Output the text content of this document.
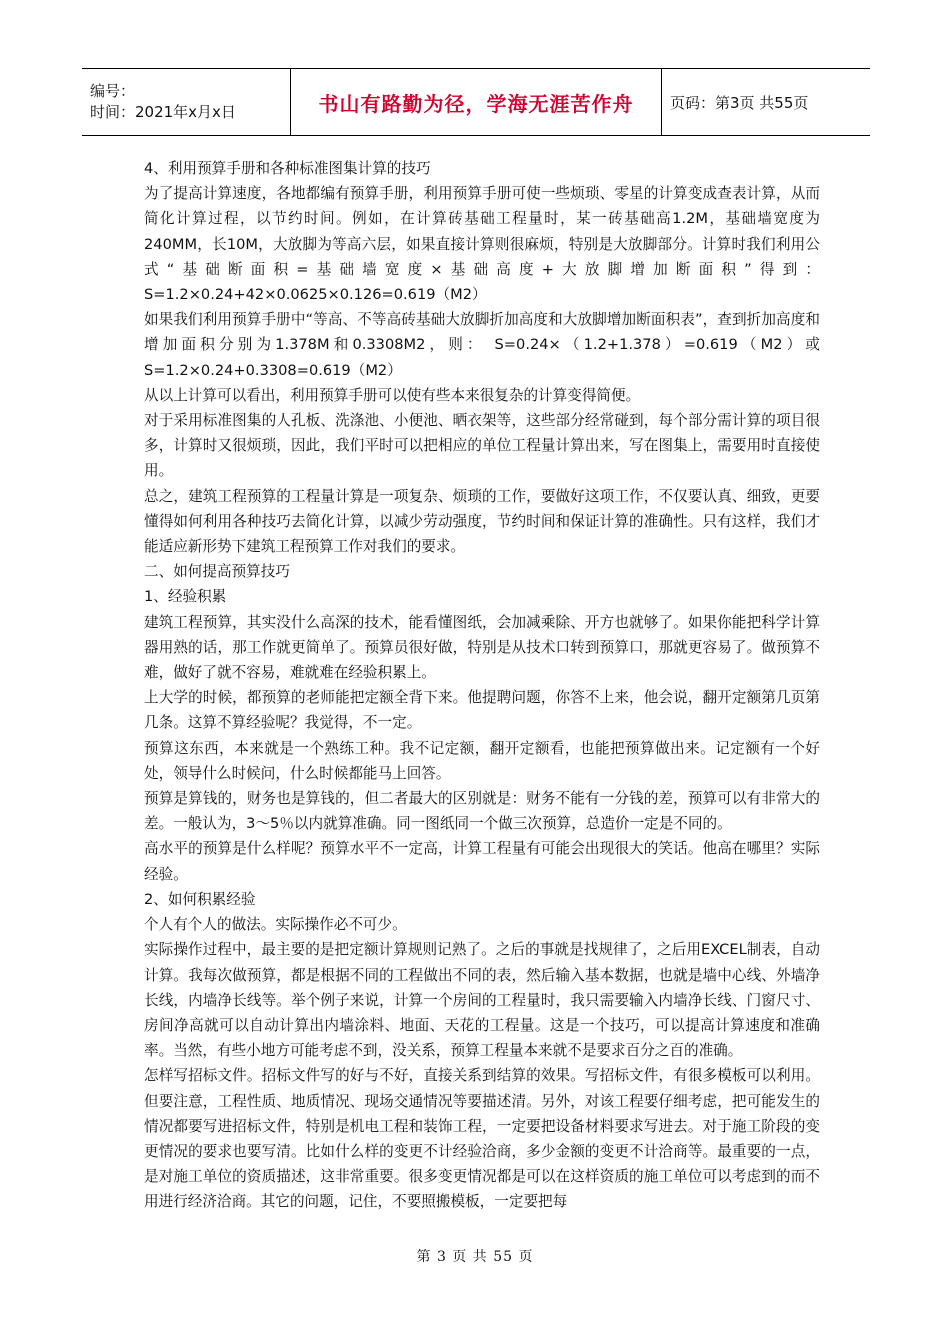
编号：
时间：2021年x月x日	书山有路勤为径，学海无涯苦作舟	页码：第3页 共55页

4、利用预算手册和各种标准图集计算的技巧

为了提高计算速度，各地都编有预算手册，利用预算手册可使一些烦琐、零星的计算变成查表计算，从而简化计算过程，以节约时间。例如，在计算砖基础工程量时，某一砖基础高1.2M，基础墙宽度为240MM，长10M，大放脚为等高六层，如果直接计算则很麻烦，特别是大放脚部分。计算时我们利用公式“基础断面积=基础墙宽度×基础高度+大放脚增加断面积”得到：S=1.2×0.24+42×0.0625×0.126=0.619（M2）

如果我们利用预算手册中“等高、不等高砖基础大放脚折加高度和大放脚增加断面积表”，查到折加高度和增加面积分别为1.378M和0.3308M2，则： S=0.24×（1.2+1.378）=0.619（M2）或S=1.2×0.24+0.3308=0.619（M2）

从以上计算可以看出，利用预算手册可以使有些本来很复杂的计算变得简便。

对于采用标准图集的人孔板、洗涤池、小便池、晒衣架等，这些部分经常碰到，每个部分需计算的项目很多，计算时又很烦琐，因此，我们平时可以把相应的单位工程量计算出来，写在图集上，需要用时直接使用。

总之，建筑工程预算的工程量计算是一项复杂、烦琐的工作，要做好这项工作，不仅要认真、细致，更要懂得如何利用各种技巧去简化计算，以减少劳动强度，节约时间和保证计算的准确性。只有这样，我们才能适应新形势下建筑工程预算工作对我们的要求。

二、如何提高预算技巧

1、经验积累

建筑工程预算，其实没什么高深的技术，能看懂图纸，会加减乘除、开方也就够了。如果你能把科学计算器用熟的话，那工作就更简单了。预算员很好做，特别是从技术口转到预算口，那就更容易了。做预算不难，做好了就不容易，难就难在经验积累上。

上大学的时候，都预算的老师能把定额全背下来。他提聘问题，你答不上来，他会说，翻开定额第几页第几条。这算不算经验呢？我觉得，不一定。

预算这东西，本来就是一个熟练工种。我不记定额，翻开定额看，也能把预算做出来。记定额有一个好处，领导什么时候问，什么时候都能马上回答。

预算是算钱的，财务也是算钱的，但二者最大的区别就是：财务不能有一分钱的差，预算可以有非常大的差。一般认为，3～5％以内就算准确。同一图纸同一个做三次预算，总造价一定是不同的。

高水平的预算是什么样呢？预算水平不一定高，计算工程量有可能会出现很大的笑话。他高在哪里？实际经验。

2、如何积累经验

个人有个人的做法。实际操作必不可少。

实际操作过程中，最主要的是把定额计算规则记熟了。之后的事就是找规律了，之后用EXCEL制表，自动计算。我每次做预算，都是根据不同的工程做出不同的表，然后输入基本数据，也就是墙中心线、外墙净长线，内墙净长线等。举个例子来说，计算一个房间的工程量时，我只需要输入内墙净长线、门窗尺寸、房间净高就可以自动计算出内墙涂料、地面、天花的工程量。这是一个技巧，可以提高计算速度和准确率。当然，有些小地方可能考虑不到，没关系，预算工程量本来就不是要求百分之百的准确。

怎样写招标文件。招标文件写的好与不好，直接关系到结算的效果。写招标文件，有很多模板可以利用。但要注意，工程性质、地质情况、现场交通情况等要描述清。另外，对该工程要仔细考虑，把可能发生的情况都要写进招标文件，特别是机电工程和装饰工程，一定要把设备材料要求写进去。对于施工阶段的变更情况的要求也要写清。比如什么样的变更不计经验洽商，多少金额的变更不计洽商等。最重要的一点，是对施工单位的资质描述，这非常重要。很多变更情况都是可以在这样资质的施工单位可以考虑到的而不用进行经济洽商。其它的问题，记住，不要照搬模板，一定要把每

第 3 页 共 55 页
